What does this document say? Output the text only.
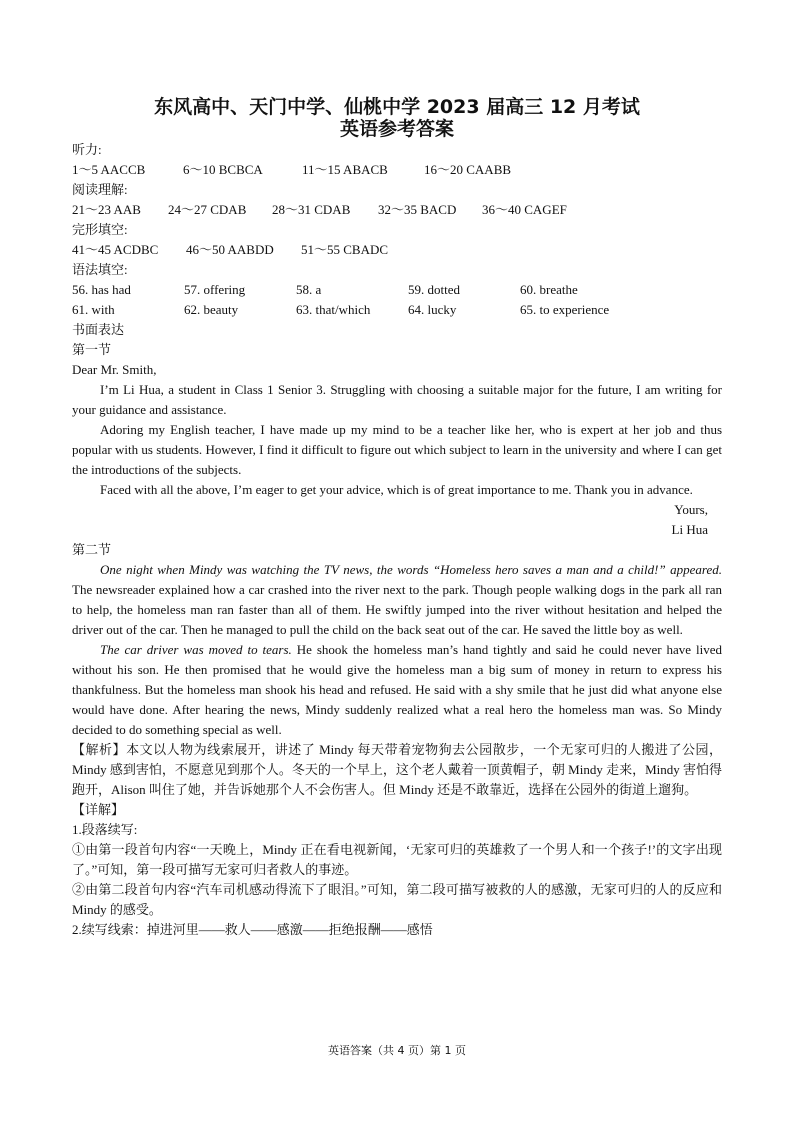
东风高中、天门中学、仙桃中学 2023 届高三 12 月考试
英语参考答案
听力:
1～5 AACCB	6～10 BCBCA	11～15 ABACB	16～20 CAABB
阅读理解:
21～23 AAB 24～27 CDAB 28～31 CDAB 32～35 BACD 36～40 CAGEF
完形填空:
41～45 ACDBC 46～50 AABDD 51～55 CBADC
语法填空:
56. has had	57. offering	58. a	59. dotted	60. breathe
61. with	62. beauty	63. that/which	64. lucky	65. to experience
书面表达
第一节
Dear Mr. Smith,

I’m Li Hua, a student in Class 1 Senior 3. Struggling with choosing a suitable major for the future, I am writing for your guidance and assistance.

Adoring my English teacher, I have made up my mind to be a teacher like her, who is expert at her job and thus popular with us students. However, I find it difficult to figure out which subject to learn in the university and where I can get the introductions of the subjects.

Faced with all the above, I’m eager to get your advice, which is of great importance to me. Thank you in advance.

Yours,
Li Hua
第二节

One night when Mindy was watching the TV news, the words “Homeless hero saves a man and a child!” appeared. The newsreader explained how a car crashed into the river next to the park. Though people walking dogs in the park all ran to help, the homeless man ran faster than all of them. He swiftly jumped into the river without hesitation and helped the driver out of the car. Then he managed to pull the child on the back seat out of the car. He saved the little boy as well.

The car driver was moved to tears. He shook the homeless man’s hand tightly and said he could never have lived without his son. He then promised that he would give the homeless man a big sum of money in return to express his thankfulness. But the homeless man shook his head and refused. He said with a shy smile that he just did what anyone else would have done. After hearing the news, Mindy suddenly realized what a real hero the homeless man was. So Mindy decided to do something special as well.

【解析】本文以人物为线索展开，讲述了 Mindy 每天带着宠物狗去公园散步，一个无家可归的人搬进了公园，Mindy 感到害怕，不愿意见到那个人。冬天的一个早上，这个老人戴着一顶黄帽子，朝 Mindy 走来，Mindy 害怕得跑开，Alison 叫住了她，并告诉她那个人不会伤害人。但 Mindy 还是不敢靠近，选择在公园外的街道上遛狗。

【详解】
1.段落续写:

①由第一段首句内容“一天晚上，Mindy 正在看电视新闻，‘无家可归的英雄救了一个男人和一个孩子!’的文字出现了。”可知，第一段可描写无家可归者救人的事迹。

②由第二段首句内容“汽车司机感动得流下了眼泪。”可知，第二段可描写被救的人的感激，无家可归的人的反应和 Mindy 的感受。

2.续写线索：掉进河里——救人——感激——拒绝报酬——感悟
英语答案（共 4 页）第 1 页
